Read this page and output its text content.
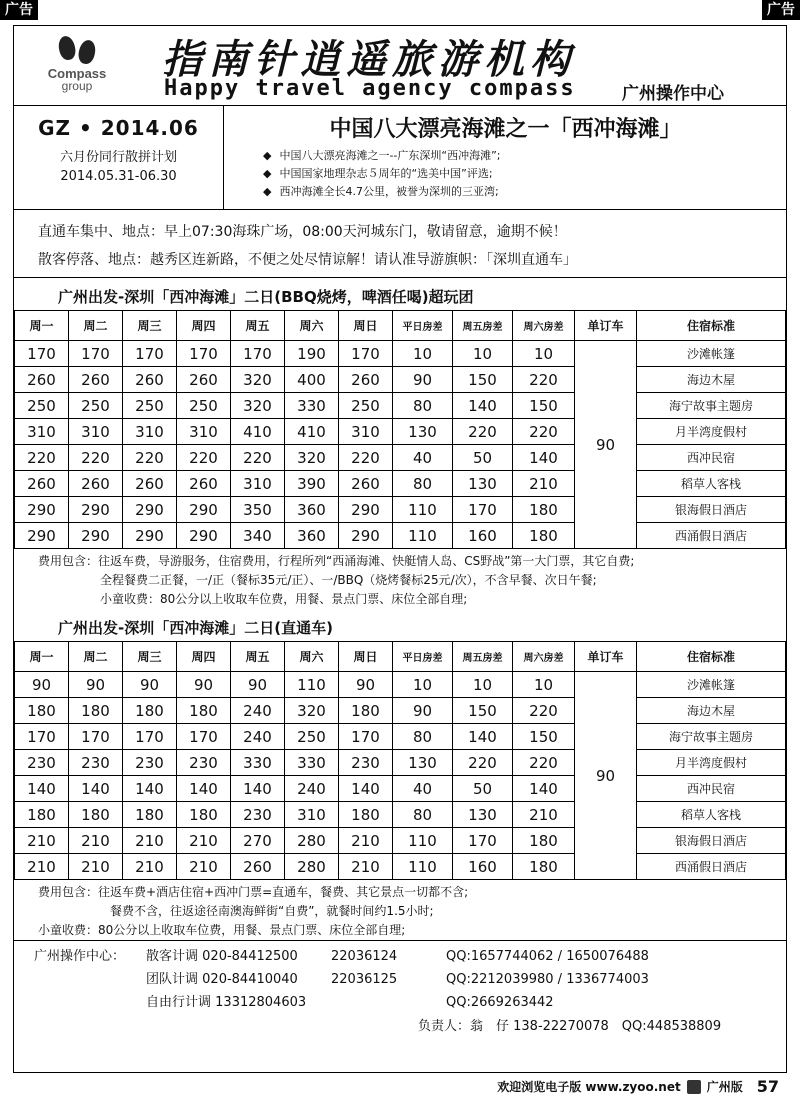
广告	广告
Compass
group
指南针逍遥旅游机构
Happy travel agency compass	广州操作中心
GZ • 2014.06
六月份同行散拼计划
2014.05.31-06.30
中国八大漂亮海滩之一「西冲海滩」
◆ 中国八大漂亮海滩之一--广东深圳“西冲海滩”;
◆ 中国国家地理杂志５周年的“选美中国”评选;
◆ 西冲海滩全长4.7公里，被誉为深圳的三亚湾;

直通车集中、地点：早上07:30海珠广场，08:00天河城东门，敬请留意，逾期不候！

散客停落、地点：越秀区连新路，不便之处尽情谅解！请认准导游旗帜：「深圳直通车」

广州出发-深圳「西冲海滩」二日(BBQ烧烤，啤酒任喝)超玩团
周一	周二	周三	周四	周五	周六	周日	平日房差	周五房差	周六房差	单订车	住宿标准
170	170	170	170	170	190	170	10	10	10	90	沙滩帐篷
260	260	260	260	320	400	260	90	150	220		海边木屋
250	250	250	250	320	330	250	80	140	150		海宁故事主题房
310	310	310	310	410	410	310	130	220	220		月半湾度假村
220	220	220	220	220	320	220	40	50	140		西冲民宿
260	260	260	260	310	390	260	80	130	210		稻草人客栈
290	290	290	290	350	360	290	110	170	180		银海假日酒店
290	290	290	290	340	360	290	110	160	180		西涌假日酒店

费用包含：往返车费，导游服务，住宿费用，行程所列“西涌海滩、快艇情人岛、CS野战”第一大门票，其它自费;

全程餐费二正餐，一/正（餐标35元/正）、一/BBQ（烧烤餐标25元/次），不含早餐、次日午餐;

小童收费：80公分以上收取车位费，用餐、景点门票、床位全部自理;

广州出发-深圳「西冲海滩」二日(直通车)
周一	周二	周三	周四	周五	周六	周日	平日房差	周五房差	周六房差	单订车	住宿标准
90	90	90	90	90	110	90	10	10	10	90	沙滩帐篷
180	180	180	180	240	320	180	90	150	220		海边木屋
170	170	170	170	240	250	170	80	140	150		海宁故事主题房
230	230	230	230	330	330	230	130	220	220		月半湾度假村
140	140	140	140	140	240	140	40	50	140		西冲民宿
180	180	180	180	230	310	180	80	130	210		稻草人客栈
210	210	210	210	270	280	210	110	170	180		银海假日酒店
210	210	210	210	260	280	210	110	160	180		西涌假日酒店

费用包含：往返车费+酒店住宿+西冲门票=直通车，餐费、其它景点一切都不含;

餐费不含，往返途径南澳海鲜街“自费”，就餐时间约1.5小时;

小童收费：80公分以上收取车位费，用餐、景点门票、床位全部自理;

广州操作中心：	散客计调 020-84412500	22036124	QQ:1657744062 / 1650076488
团队计调 020-84410040	22036125	QQ:2212039980 / 1336774003
自由行计调 13312804603	QQ:2669263442
负责人：翁　仔 138-22270078　QQ:448538809
欢迎浏览电子版 www.zyoo.net 广州版 57
